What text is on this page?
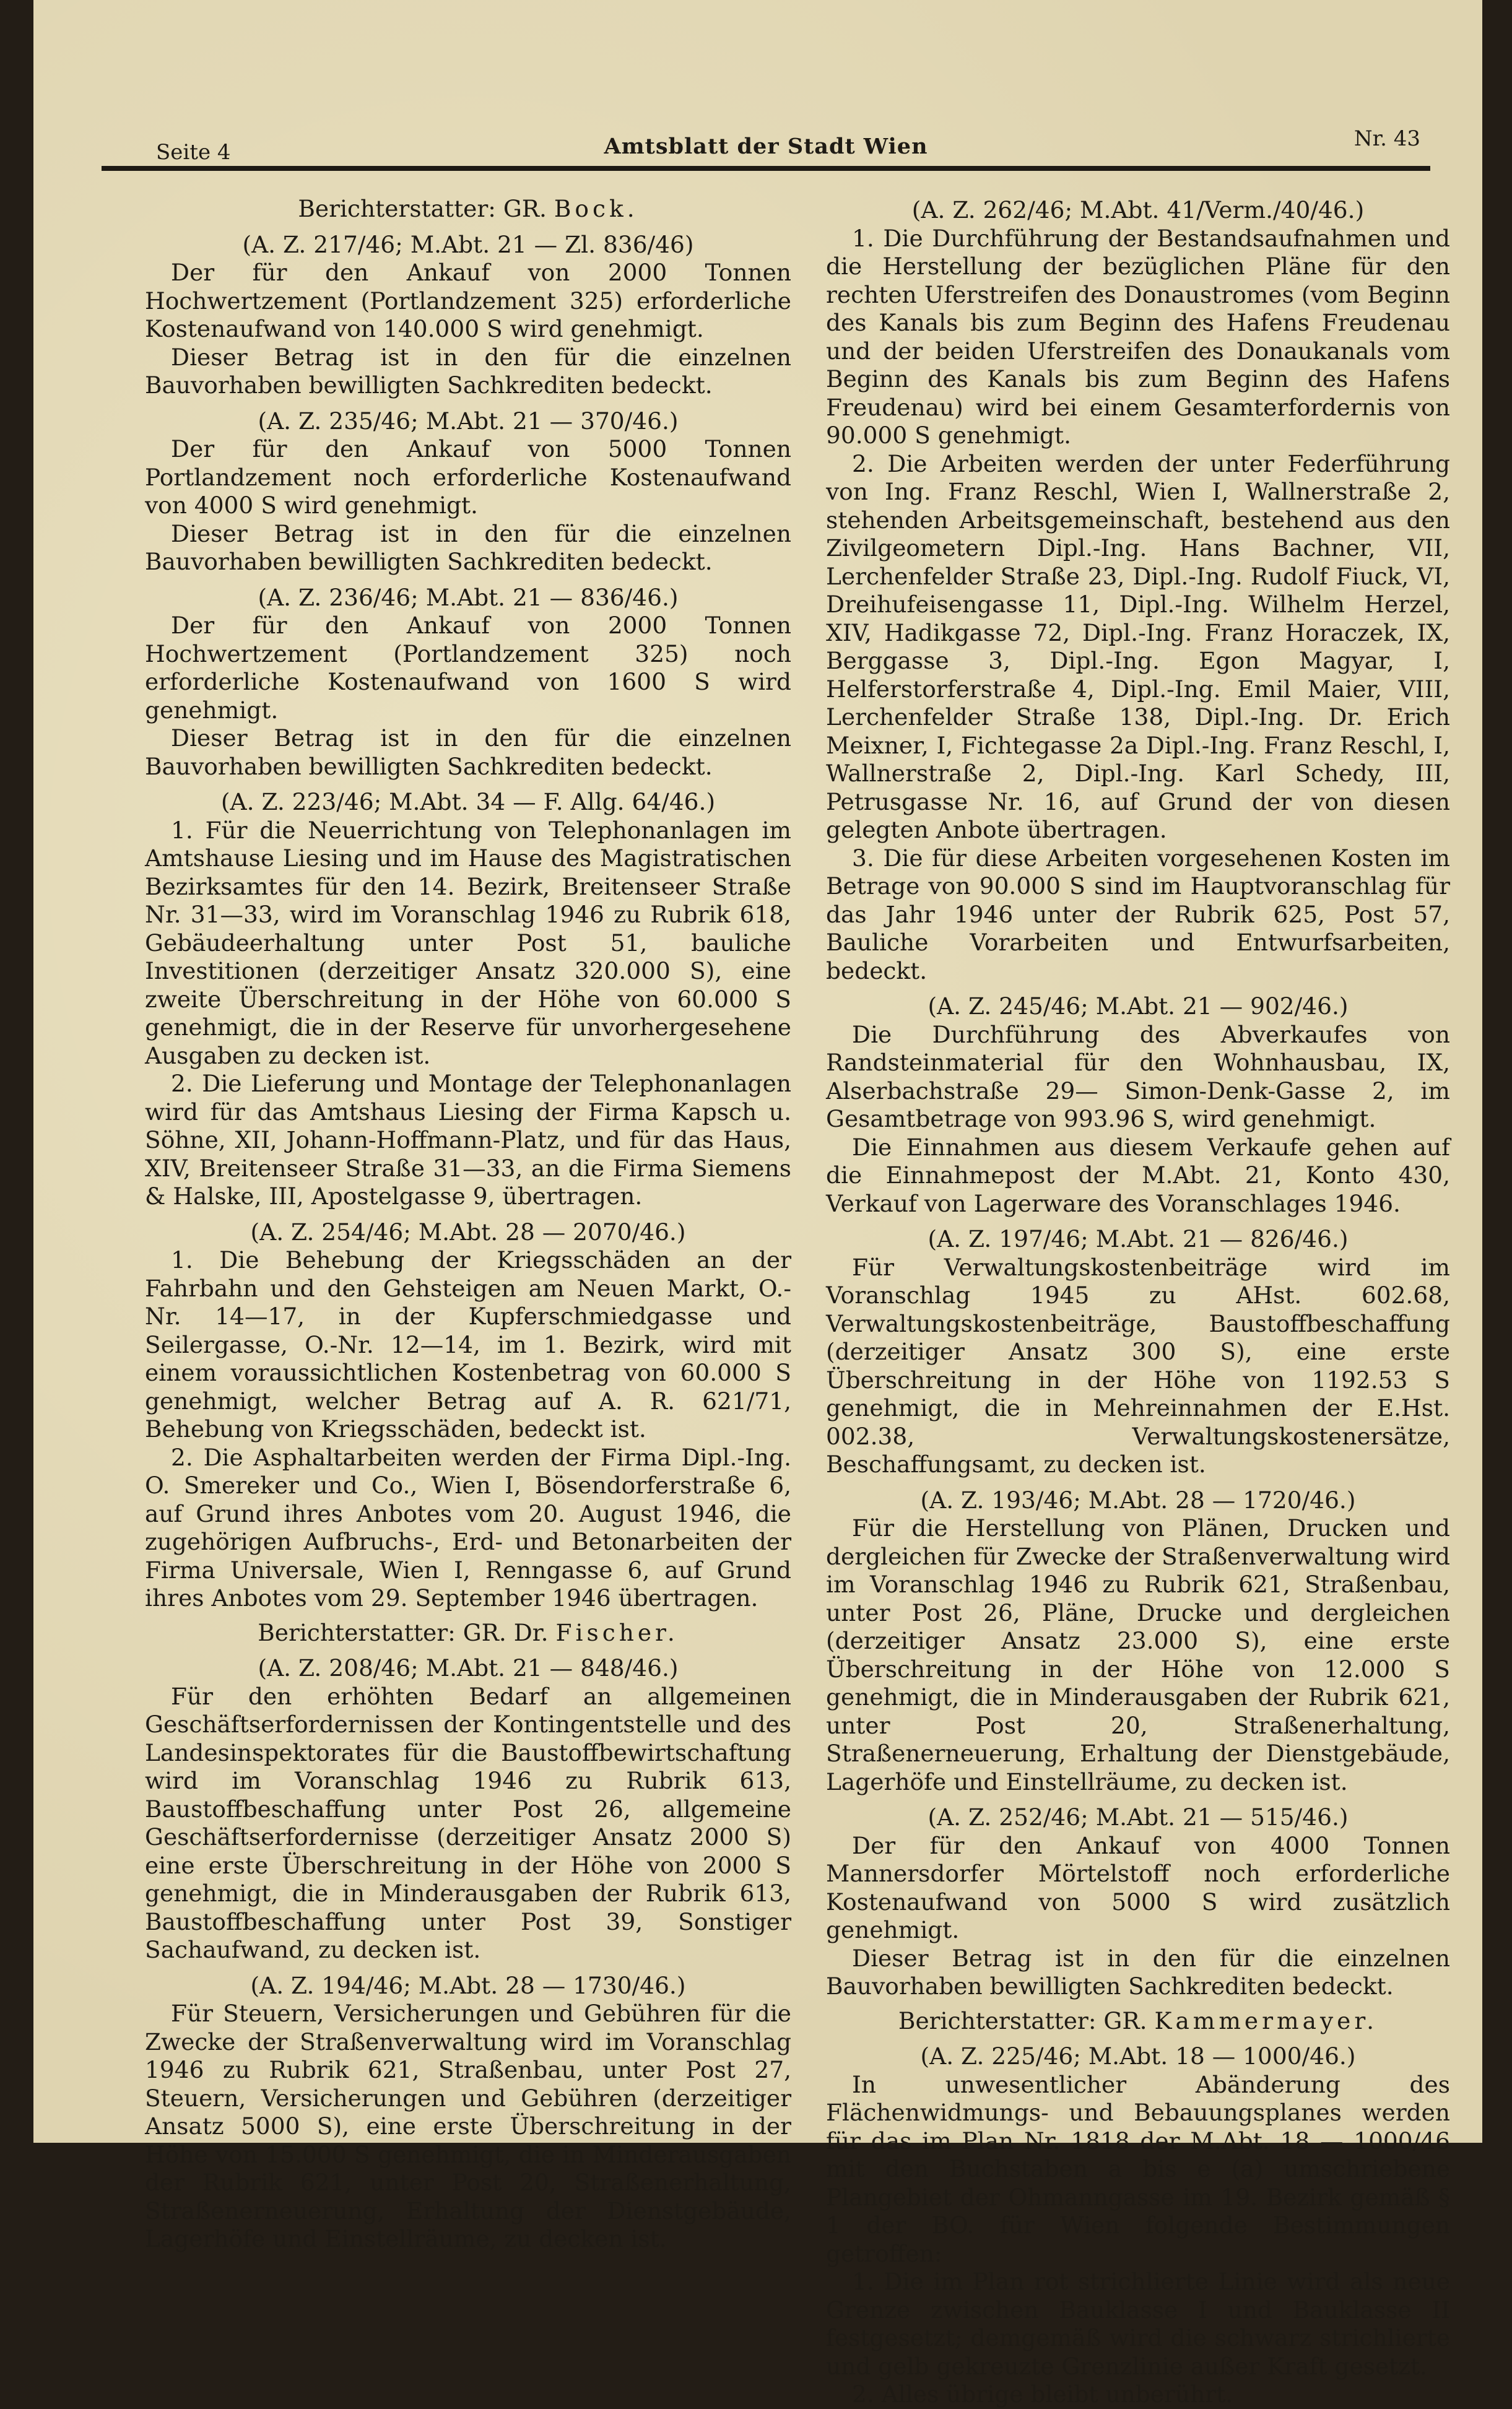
Seite 4	Amtsblatt der Stadt Wien	Nr. 43

Berichterstatter: GR. Bock.

(A. Z. 217/46; M.Abt. 21 — Zl. 836/46)

Der für den Ankauf von 2000 Tonnen Hochwertzement (Portlandzement 325) erforderliche Kostenaufwand von 140.000 S wird genehmigt.

Dieser Betrag ist in den für die einzelnen Bauvorhaben bewilligten Sachkrediten bedeckt.

(A. Z. 235/46; M.Abt. 21 — 370/46.)

Der für den Ankauf von 5000 Tonnen Portlandzement noch erforderliche Kostenaufwand von 4000 S wird genehmigt.

Dieser Betrag ist in den für die einzelnen Bauvorhaben bewilligten Sachkrediten bedeckt.

(A. Z. 236/46; M.Abt. 21 — 836/46.)

Der für den Ankauf von 2000 Tonnen Hochwertzement (Portlandzement 325) noch erforderliche Kostenaufwand von 1600 S wird genehmigt.

Dieser Betrag ist in den für die einzelnen Bauvorhaben bewilligten Sachkrediten bedeckt.

(A. Z. 223/46; M.Abt. 34 — F. Allg. 64/46.)

1. Für die Neuerrichtung von Telephonanlagen im Amtshause Liesing und im Hause des Magistratischen Bezirksamtes für den 14. Bezirk, Breitenseer Straße Nr. 31—33, wird im Voranschlag 1946 zu Rubrik 618, Gebäudeerhaltung unter Post 51, bauliche Investitionen (derzeitiger Ansatz 320.000 S), eine zweite Überschreitung in der Höhe von 60.000 S genehmigt, die in der Reserve für unvorhergesehene Ausgaben zu decken ist.

2. Die Lieferung und Montage der Telephonanlagen wird für das Amtshaus Liesing der Firma Kapsch u. Söhne, XII, Johann-Hoffmann-Platz, und für das Haus, XIV, Breitenseer Straße 31—33, an die Firma Siemens & Halske, III, Apostelgasse 9, übertragen.

(A. Z. 254/46; M.Abt. 28 — 2070/46.)

1. Die Behebung der Kriegsschäden an der Fahrbahn und den Gehsteigen am Neuen Markt, O.-Nr. 14—17, in der Kupferschmiedgasse und Seilergasse, O.-Nr. 12—14, im 1. Bezirk, wird mit einem voraussichtlichen Kostenbetrag von 60.000 S genehmigt, welcher Betrag auf A. R. 621/71, Behebung von Kriegsschäden, bedeckt ist.

2. Die Asphaltarbeiten werden der Firma Dipl.-Ing. O. Smereker und Co., Wien I, Bösendorferstraße 6, auf Grund ihres Anbotes vom 20. August 1946, die zugehörigen Aufbruchs-, Erd- und Betonarbeiten der Firma Universale, Wien I, Renngasse 6, auf Grund ihres Anbotes vom 29. September 1946 übertragen.

Berichterstatter: GR. Dr. Fischer.

(A. Z. 208/46; M.Abt. 21 — 848/46.)

Für den erhöhten Bedarf an allgemeinen Geschäftserfordernissen der Kontingentstelle und des Landesinspektorates für die Baustoffbewirtschaftung wird im Voranschlag 1946 zu Rubrik 613, Baustoffbeschaffung unter Post 26, allgemeine Geschäftserfordernisse (derzeitiger Ansatz 2000 S) eine erste Überschreitung in der Höhe von 2000 S genehmigt, die in Minderausgaben der Rubrik 613, Baustoffbeschaffung unter Post 39, Sonstiger Sachaufwand, zu decken ist.

(A. Z. 194/46; M.Abt. 28 — 1730/46.)

Für Steuern, Versicherungen und Gebühren für die Zwecke der Straßenverwaltung wird im Voranschlag 1946 zu Rubrik 621, Straßenbau, unter Post 27, Steuern, Versicherungen und Gebühren (derzeitiger Ansatz 5000 S), eine erste Überschreitung in der Höhe von 15.000 S genehmigt, die in Minderausgaben der Rubrik 621, unter Post 20, Straßenerhaltung, Straßenerneuerung, Erhaltung der Dienstgebäude, Lagerhöfe und Einstellräume, zu decken ist.

(A. Z. 262/46; M.Abt. 41/Verm./40/46.)

1. Die Durchführung der Bestandsaufnahmen und die Herstellung der bezüglichen Pläne für den rechten Uferstreifen des Donaustromes (vom Beginn des Kanals bis zum Beginn des Hafens Freudenau und der beiden Uferstreifen des Donaukanals vom Beginn des Kanals bis zum Beginn des Hafens Freudenau) wird bei einem Gesamterfordernis von 90.000 S genehmigt.

2. Die Arbeiten werden der unter Federführung von Ing. Franz Reschl, Wien I, Wallnerstraße 2, stehenden Arbeitsgemeinschaft, bestehend aus den Zivilgeometern Dipl.-Ing. Hans Bachner, VII, Lerchenfelder Straße 23, Dipl.-Ing. Rudolf Fiuck, VI, Dreihufeisengasse 11, Dipl.-Ing. Wilhelm Herzel, XIV, Hadikgasse 72, Dipl.-Ing. Franz Horaczek, IX, Berggasse 3, Dipl.-Ing. Egon Magyar, I, Helferstorferstraße 4, Dipl.-Ing. Emil Maier, VIII, Lerchenfelder Straße 138, Dipl.-Ing. Dr. Erich Meixner, I, Fichtegasse 2a Dipl.-Ing. Franz Reschl, I, Wallnerstraße 2, Dipl.-Ing. Karl Schedy, III, Petrusgasse Nr. 16, auf Grund der von diesen gelegten Anbote übertragen.

3. Die für diese Arbeiten vorgesehenen Kosten im Betrage von 90.000 S sind im Hauptvoranschlag für das Jahr 1946 unter der Rubrik 625, Post 57, Bauliche Vorarbeiten und Entwurfsarbeiten, bedeckt.

(A. Z. 245/46; M.Abt. 21 — 902/46.)

Die Durchführung des Abverkaufes von Randsteinmaterial für den Wohnhausbau, IX, Alserbachstraße 29— Simon-Denk-Gasse 2, im Gesamtbetrage von 993.96 S, wird genehmigt.

Die Einnahmen aus diesem Verkaufe gehen auf die Einnahmepost der M.Abt. 21, Konto 430, Verkauf von Lagerware des Voranschlages 1946.

(A. Z. 197/46; M.Abt. 21 — 826/46.)

Für Verwaltungskostenbeiträge wird im Voranschlag 1945 zu AHst. 602.68, Verwaltungskostenbeiträge, Baustoffbeschaffung (derzeitiger Ansatz 300 S), eine erste Überschreitung in der Höhe von 1192.53 S genehmigt, die in Mehreinnahmen der E.Hst. 002.38, Verwaltungskostenersätze, Beschaffungsamt, zu decken ist.

(A. Z. 193/46; M.Abt. 28 — 1720/46.)

Für die Herstellung von Plänen, Drucken und dergleichen für Zwecke der Straßenverwaltung wird im Voranschlag 1946 zu Rubrik 621, Straßenbau, unter Post 26, Pläne, Drucke und dergleichen (derzeitiger Ansatz 23.000 S), eine erste Überschreitung in der Höhe von 12.000 S genehmigt, die in Minderausgaben der Rubrik 621, unter Post 20, Straßenerhaltung, Straßenerneuerung, Erhaltung der Dienstgebäude, Lagerhöfe und Einstellräume, zu decken ist.

(A. Z. 252/46; M.Abt. 21 — 515/46.)

Der für den Ankauf von 4000 Tonnen Mannersdorfer Mörtelstoff noch erforderliche Kostenaufwand von 5000 S wird zusätzlich genehmigt.

Dieser Betrag ist in den für die einzelnen Bauvorhaben bewilligten Sachkrediten bedeckt.

Berichterstatter: GR. Kammermayer.

(A. Z. 225/46; M.Abt. 18 — 1000/46.)

In unwesentlicher Abänderung des Flächenwidmungs- und Bebauungsplanes werden für das im Plan Nr. 1818 der M.Abt. 18 — 1000/46 mit den Buchstaben a bis e (a) umschriebene Plangebiet der Ohmanngasse im 19. Bezirk gemäß § 1 der BO. für Wien folgende Bestimmungen getroffen:

1. Die im Plan rot strichlierte Linie wird als neue Grenze zwischen Bauklasse I und Bauklasse II festgesetzt; demgemäß wird die schwarz strichlierte und gelb gekreuzte Grenzlinie außer Kraft gesetzt.

2. Alles übrige bleibt unberührt.
